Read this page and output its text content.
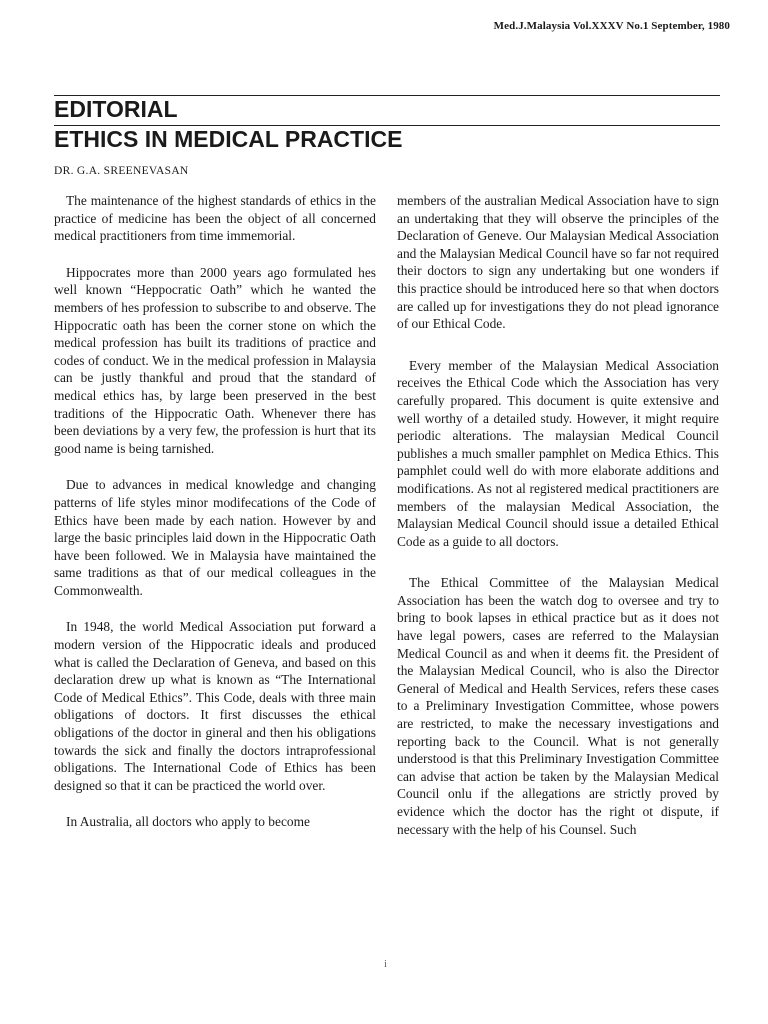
Med.J.Malaysia Vol.XXXV No.1 September, 1980
EDITORIAL
ETHICS IN MEDICAL PRACTICE
DR. G.A. SREENEVASAN

The maintenance of the highest standards of ethics in the practice of medicine has been the object of all concerned medical practitioners from time immemorial.

Hippocrates more than 2000 years ago formulated hes well known “Heppocratic Oath” which he wanted the members of hes profession to subscribe to and observe. The Hippocratic oath has been the corner stone on which the medical profession has built its traditions of practice and codes of conduct. We in the medical profession in Malaysia can be justly thankful and proud that the standard of medical ethics has, by large been preserved in the best traditions of the Hippocratic Oath. Whenever there has been deviations by a very few, the profession is hurt that its good name is being tarnished.

Due to advances in medical knowledge and changing patterns of life styles minor modifecations of the Code of Ethics have been made by each nation. However by and large the basic principles laid down in the Hippocratic Oath have been followed. We in Malaysia have maintained the same traditions as that of our medical colleagues in the Commonwealth.

In 1948, the world Medical Association put forward a modern version of the Hippocratic ideals and produced what is called the Declaration of Geneva, and based on this declaration drew up what is known as “The International Code of Medical Ethics”. This Code, deals with three main obligations of doctors. It first discusses the ethical obligations of the doctor in gineral and then his obligations towards the sick and finally the doctors intraprofessional obligations. The International Code of Ethics has been designed so that it can be practiced the world over.

In Australia, all doctors who apply to become

members of the australian Medical Association have to sign an undertaking that they will observe the principles of the Declaration of Geneve. Our Malaysian Medical Association and the Malaysian Medical Council have so far not required their doctors to sign any undertaking but one wonders if this practice should be introduced here so that when doctors are called up for investigations they do not plead ignorance of our Ethical Code.

Every member of the Malaysian Medical Association receives the Ethical Code which the Association has very carefully propared. This document is quite extensive and well worthy of a detailed study. However, it might require periodic alterations. The malaysian Medical Council publishes a much smaller pamphlet on Medica Ethics. This pamphlet could well do with more elaborate additions and modifications. As not al registered medical practitioners are members of the malaysian Medical Association, the Malaysian Medical Council should issue a detailed Ethical Code as a guide to all doctors.

The Ethical Committee of the Malaysian Medical Association has been the watch dog to oversee and try to bring to book lapses in ethical practice but as it does not have legal powers, cases are referred to the Malaysian Medical Council as and when it deems fit. the President of the Malaysian Medical Council, who is also the Director General of Medical and Health Services, refers these cases to a Preliminary Investigation Committee, whose powers are restricted, to make the necessary investigations and reporting back to the Council. What is not generally understood is that this Preliminary Investigation Committee can advise that action be taken by the Malaysian Medical Council onlu if the allegations are strictly proved by evidence which the doctor has the right ot dispute, if necessary with the help of his Counsel. Such

i
